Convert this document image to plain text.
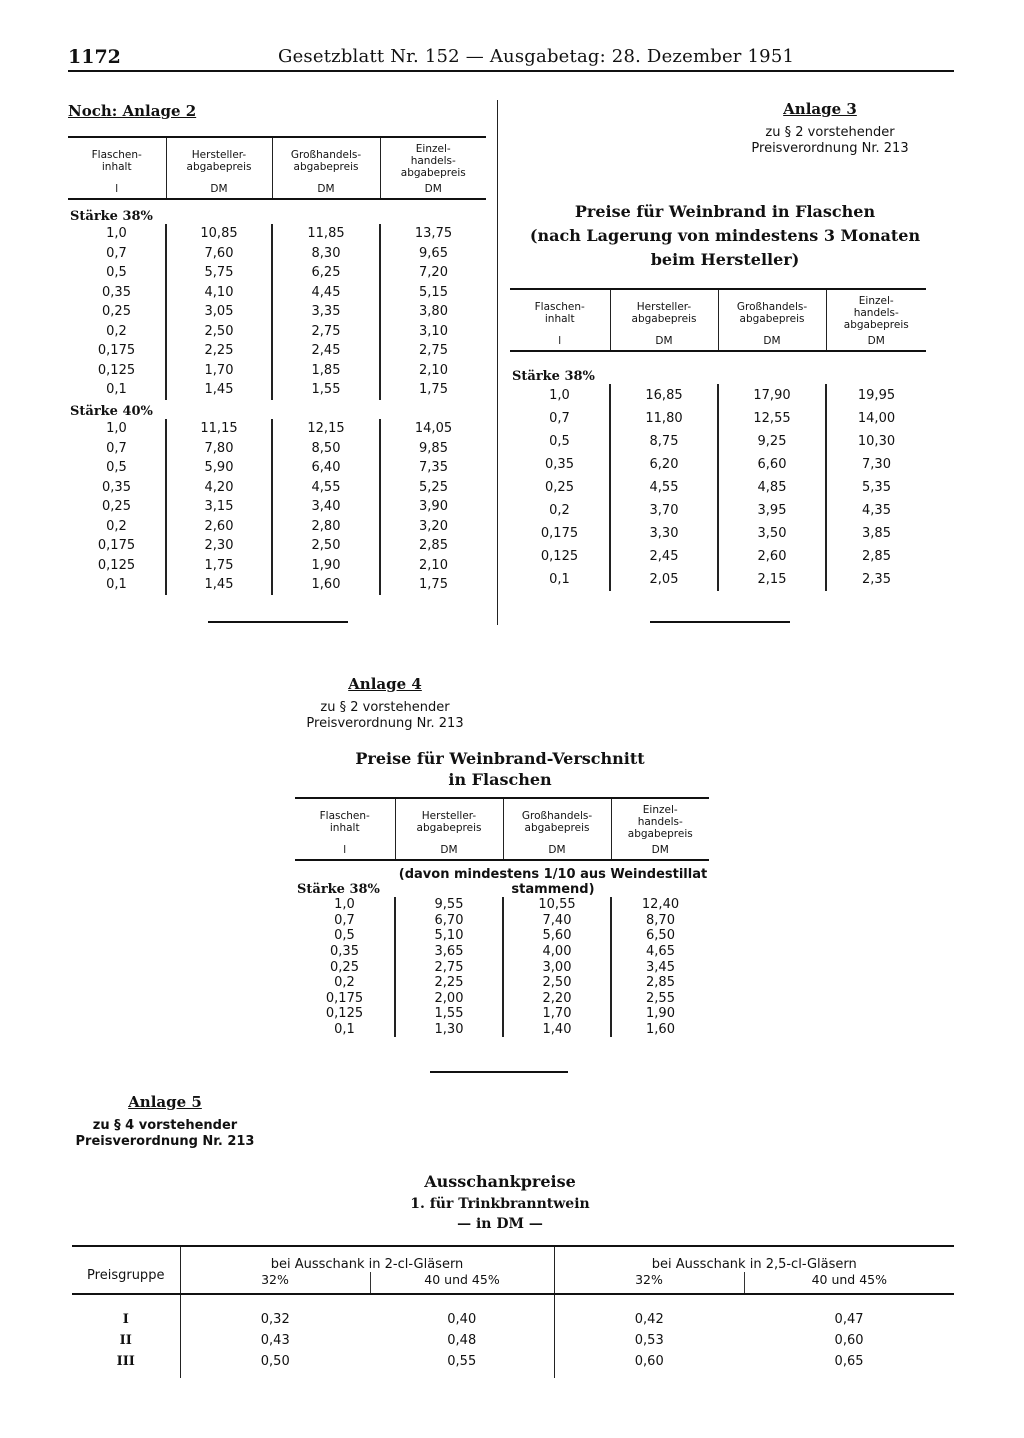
1172	Gesetzblatt Nr. 152 — Ausgabetag: 28. Dezember 1951
Noch: Anlage 2
Flaschen-
inhalt	Hersteller-
abgabepreis	Großhandels-
abgabepreis	Einzel-
handels-
abgabepreis
l	DM	DM	DM
Stärke 38%			
1,0	10,85	11,85	13,75
0,7	7,60	8,30	9,65
0,5	5,75	6,25	7,20
0,35	4,10	4,45	5,15
0,25	3,05	3,35	3,80
0,2	2,50	2,75	3,10
0,175	2,25	2,45	2,75
0,125	1,70	1,85	2,10
0,1	1,45	1,55	1,75
Stärke 40%			
1,0	11,15	12,15	14,05
0,7	7,80	8,50	9,85
0,5	5,90	6,40	7,35
0,35	4,20	4,55	5,25
0,25	3,15	3,40	3,90
0,2	2,60	2,80	3,20
0,175	2,30	2,50	2,85
0,125	1,75	1,90	2,10
0,1	1,45	1,60	1,75
Anlage 3
zu § 2 vorstehender
Preisverordnung Nr. 213
Preise für Weinbrand in Flaschen
(nach Lagerung von mindestens 3 Monaten
beim Hersteller)
Flaschen-
inhalt	Hersteller-
abgabepreis	Großhandels-
abgabepreis	Einzel-
handels-
abgabepreis
l	DM	DM	DM
Stärke 38%			
1,0	16,85	17,90	19,95
0,7	11,80	12,55	14,00
0,5	8,75	9,25	10,30
0,35	6,20	6,60	7,30
0,25	4,55	4,85	5,35
0,2	3,70	3,95	4,35
0,175	3,30	3,50	3,85
0,125	2,45	2,60	2,85
0,1	2,05	2,15	2,35
Anlage 4
zu § 2 vorstehender
Preisverordnung Nr. 213
Preise für Weinbrand-Verschnitt
in Flaschen
Flaschen-
inhalt	Hersteller-
abgabepreis	Großhandels-
abgabepreis	Einzel-
handels-
abgabepreis
l	DM	DM	DM
Stärke 38%	(davon mindestens 1/10 aus Weindestillat
stammend)		

1,0	9,55	10,55	12,40
0,7	6,70	7,40	8,70
0,5	5,10	5,60	6,50
0,35	3,65	4,00	4,65
0,25	2,75	3,00	3,45
0,2	2,25	2,50	2,85
0,175	2,00	2,20	2,55
0,125	1,55	1,70	1,90
0,1	1,30	1,40	1,60
Anlage 5
zu § 4 vorstehender
Preisverordnung Nr. 213
Ausschankpreise
1. für Trinkbranntwein
— in DM —
Preisgruppe	bei Ausschank in 2-cl-Gläsern		bei Ausschank in 2,5-cl-Gläsern	
	32%	40 und 45%	32%	40 und 45%
I	0,32	0,40	0,42	0,47
II	0,43	0,48	0,53	0,60
III	0,50	0,55	0,60	0,65
